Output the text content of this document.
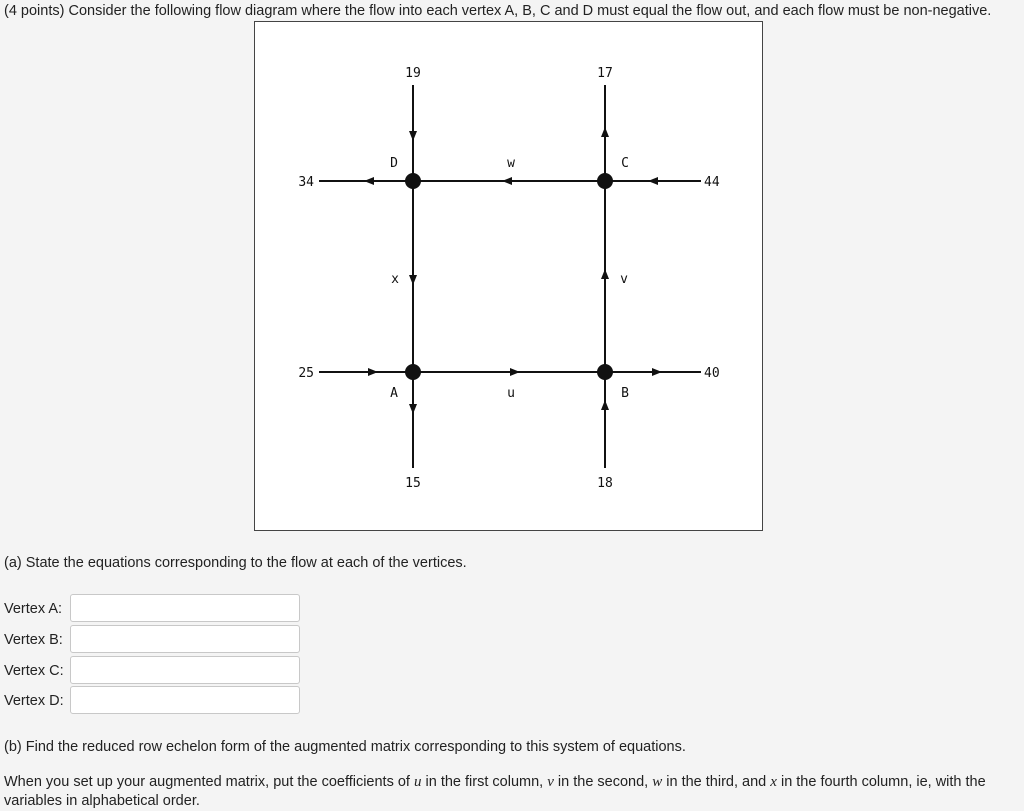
(4 points) Consider the following flow diagram where the flow into each vertex A, B, C and D must equal the flow out, and each flow must be non-negative.
19	17
34	44
25	40
15	18
D	C
A	B
w
x	v
u
(a) State the equations corresponding to the flow at each of the vertices.
Vertex A:
Vertex B:
Vertex C:
Vertex D:
(b) Find the reduced row echelon form of the augmented matrix corresponding to this system of equations.
When you set up your augmented matrix, put the coefficients of u in the first column, v in the second, w in the third, and x in the fourth column, ie, with the variables in alphabetical order.
